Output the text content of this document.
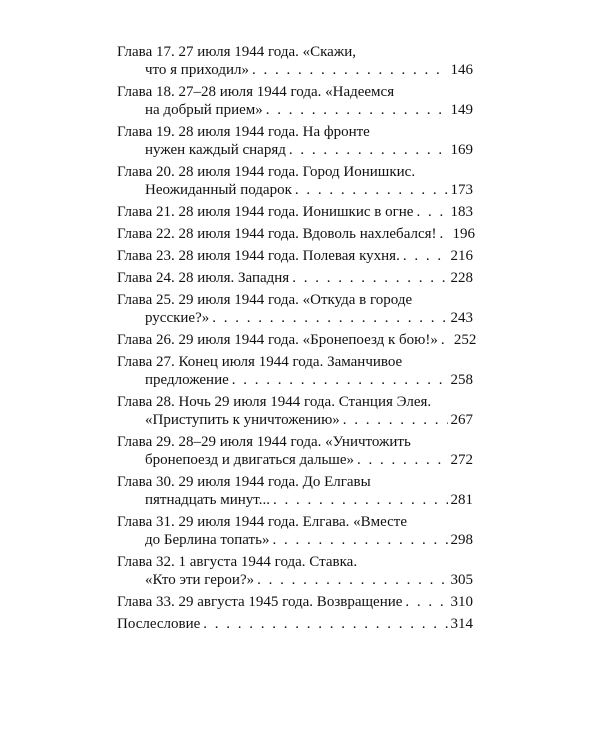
Глава 17. 27 июля 1944 года. «Скажи,
что я приходил» . . .	146
Глава 18. 27–28 июля 1944 года. «Надеемся
на добрый прием» . . .	149
Глава 19. 28 июля 1944 года. На фронте
нужен каждый снаряд . . .	169
Глава 20. 28 июля 1944 года. Город Ионишкис.
Неожиданный подарок . . .	173
Глава 21. 28 июля 1944 года. Ионишкис в огне . . . 183
Глава 22. 28 июля 1944 года. Вдоволь нахлебался! . . . 196
Глава 23. 28 июля 1944 года. Полевая кухня. . . .	216
Глава 24. 28 июля. Западня . . .	228
Глава 25. 29 июля 1944 года. «Откуда в городе
русские?» . . .	243
Глава 26. 29 июля 1944 года. «Бронепоезд к бою!» . . . 252
Глава 27. Конец июля 1944 года. Заманчивое
предложение . . .	258
Глава 28. Ночь 29 июля 1944 года. Станция Элея.
«Приступить к уничтожению» . . .	267
Глава 29. 28–29 июля 1944 года. «Уничтожить
бронепоезд и двигаться дальше» . . .	272
Глава 30. 29 июля 1944 года. До Елгавы
пятнадцать минут... . . .	281
Глава 31. 29 июля 1944 года. Елгава. «Вместе
до Берлина топать» . . .	298
Глава 32. 1 августа 1944 года. Ставка.
«Кто эти герои?» . . .	305
Глава 33. 29 августа 1945 года. Возвращение . . .	310
Послесловие . . .	314
